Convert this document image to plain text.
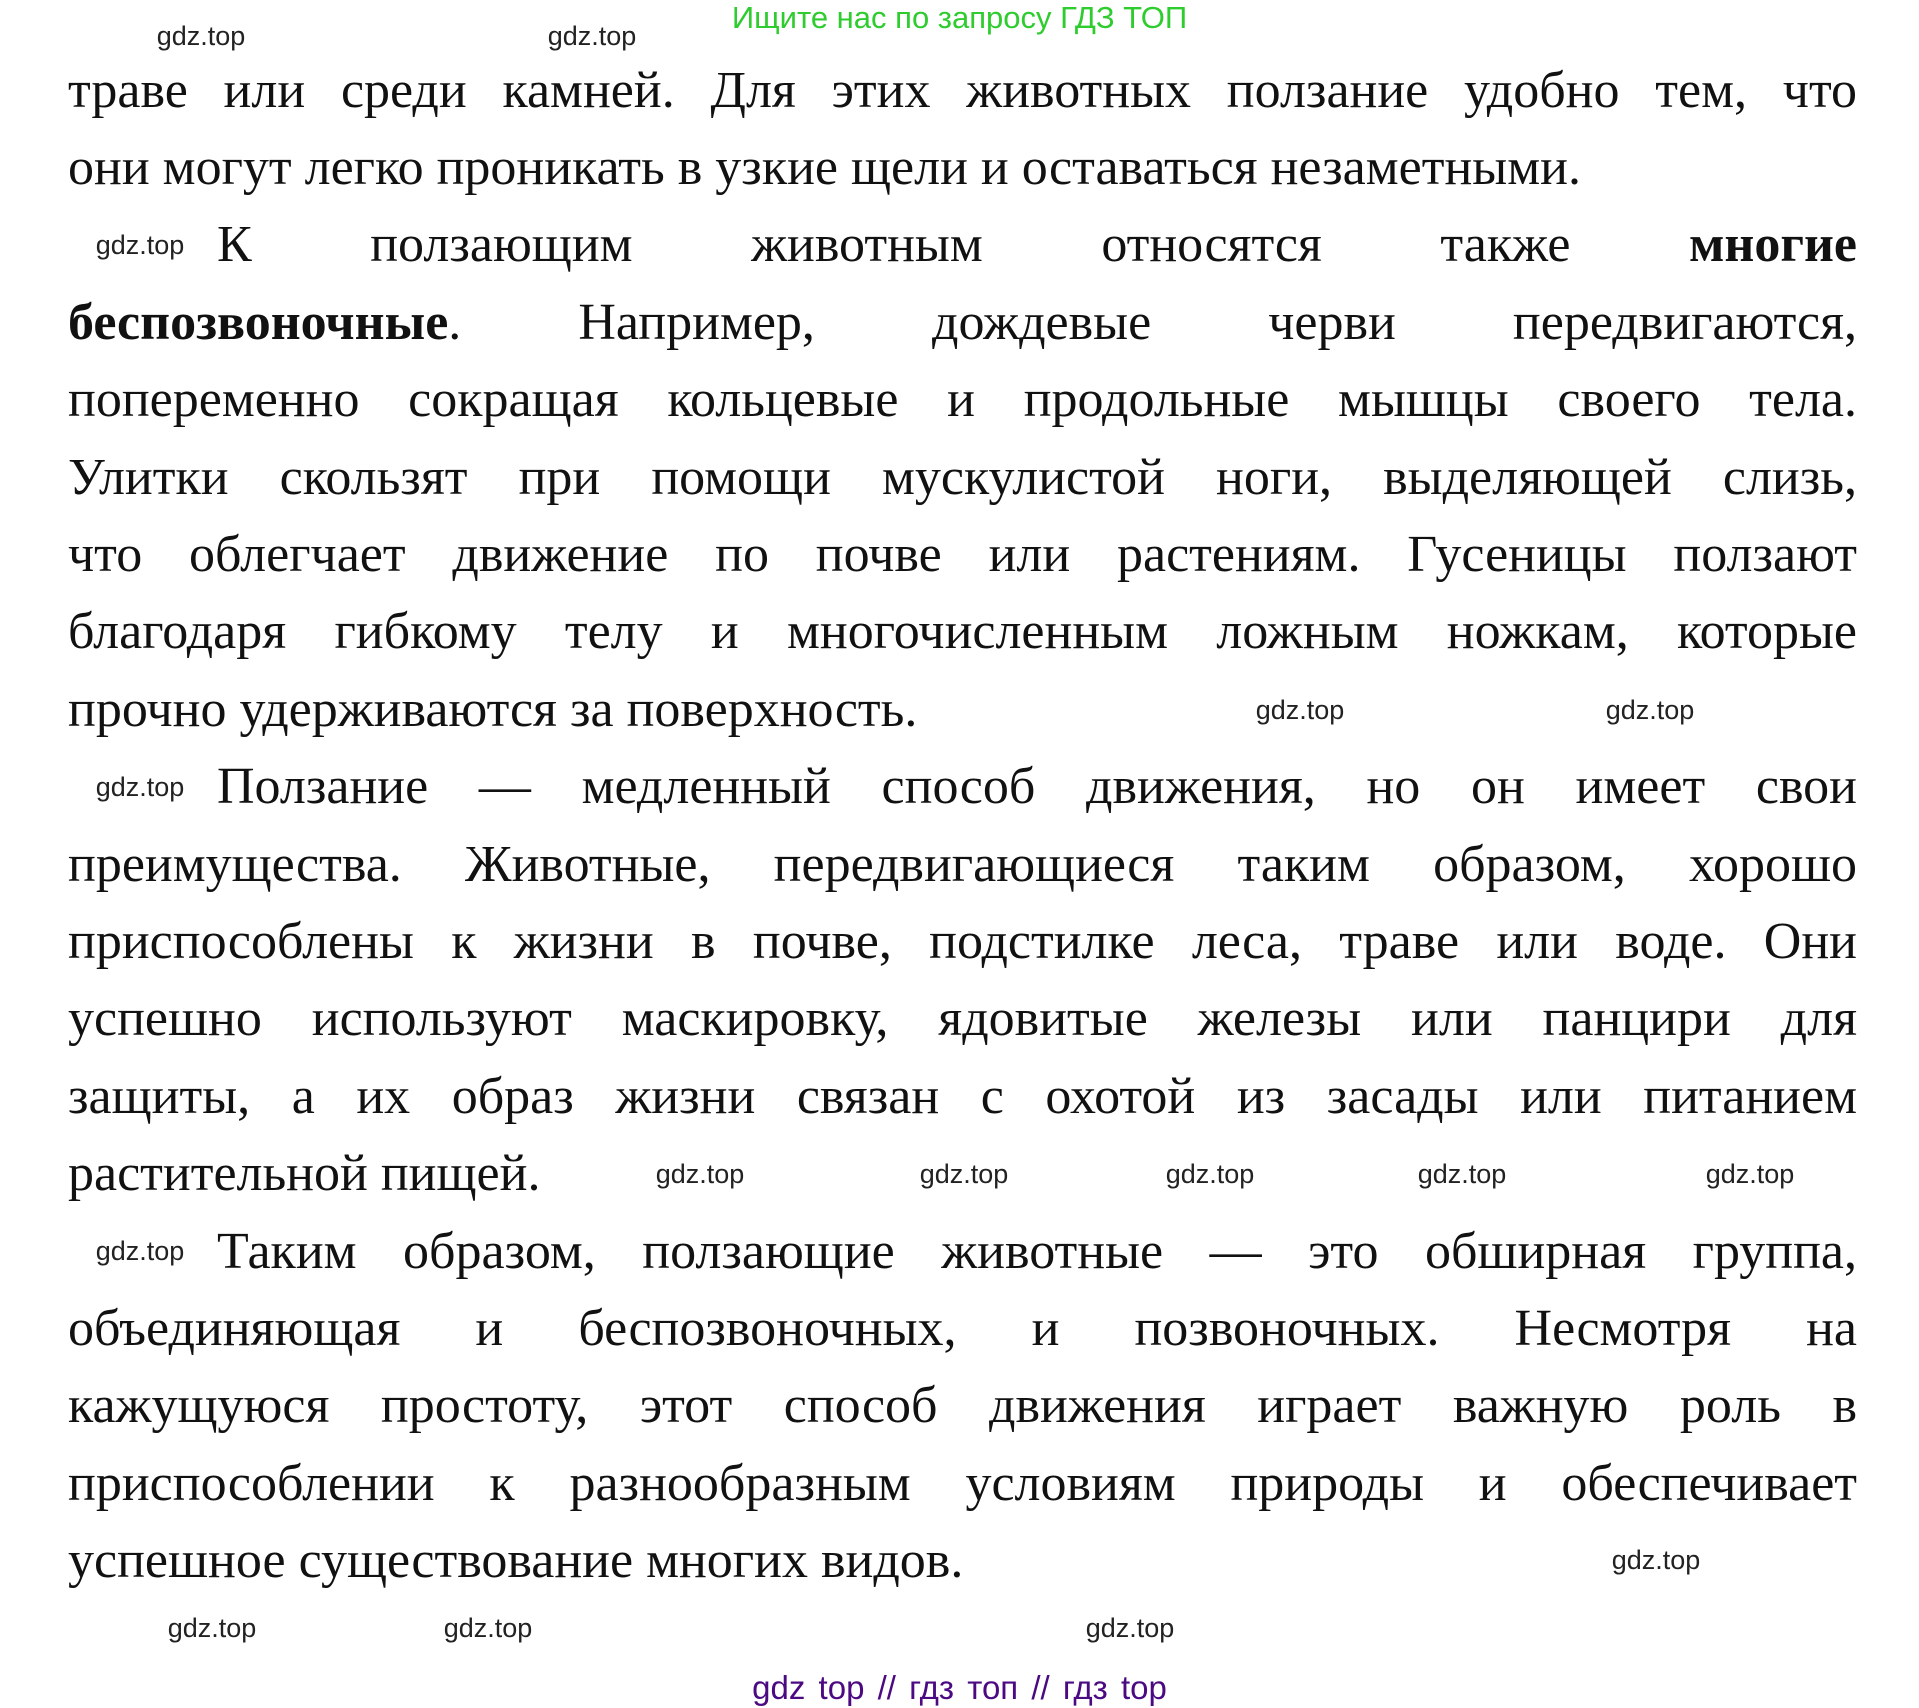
Ищите нас по запросу ГДЗ ТОП
траве или среди камней. Для этих животных ползание удобно тем, что
они могут легко проникать в узкие щели и оставаться незаметными.
К ползающим животным относятся также многие
беспозвоночные. Например, дождевые черви передвигаются,
попеременно сокращая кольцевые и продольные мышцы своего тела.
Улитки скользят при помощи мускулистой ноги, выделяющей слизь,
что облегчает движение по почве или растениям. Гусеницы ползают
благодаря гибкому телу и многочисленным ложным ножкам, которые
прочно удерживаются за поверхность.
Ползание — медленный способ движения, но он имеет свои
преимущества. Животные, передвигающиеся таким образом, хорошо
приспособлены к жизни в почве, подстилке леса, траве или воде. Они
успешно используют маскировку, ядовитые железы или панцири для
защиты, а их образ жизни связан с охотой из засады или питанием
растительной пищей.
Таким образом, ползающие животные — это обширная группа,
объединяющая и беспозвоночных, и позвоночных. Несмотря на
кажущуюся простоту, этот способ движения играет важную роль в
приспособлении к разнообразным условиям природы и обеспечивает
успешное существование многих видов.
gdz.top	gdz.top
gdz.top
gdz.top
gdz.top
gdz.top	gdz.top
gdz.top
gdz.top
gdz.top	gdz.top
gdz.top
gdz.top	gdz.top
gdz.top
gdz.top
gdz top // гдз топ // гдз top
